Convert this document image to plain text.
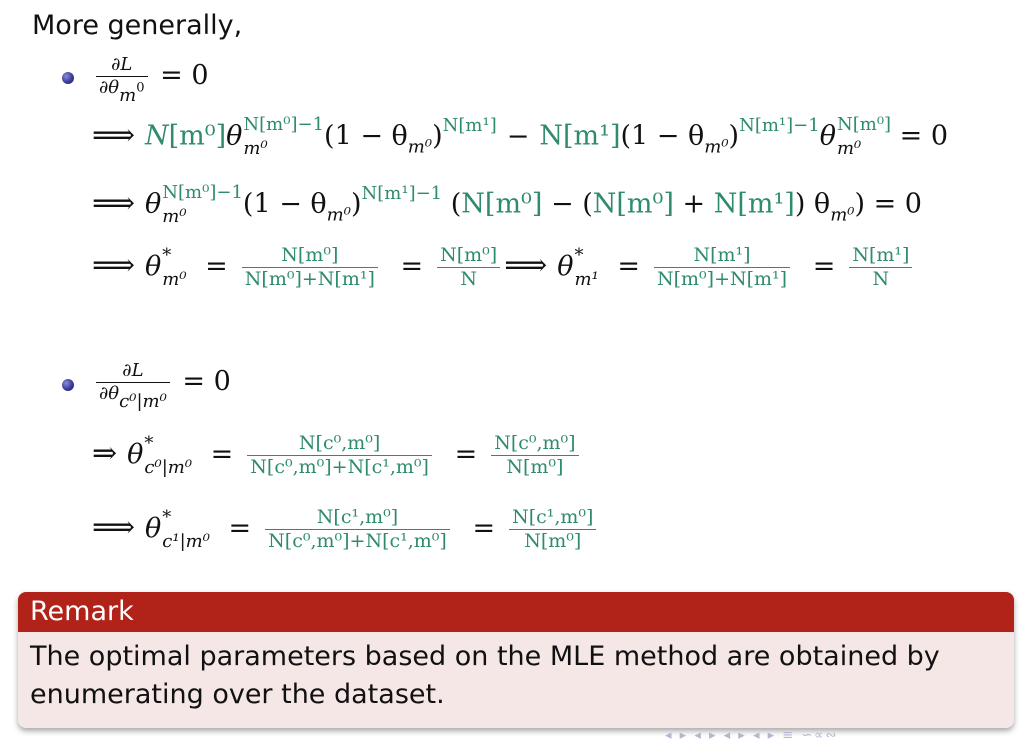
More generally,
$\frac{\partial L}{\partial\theta_{m^0}} = 0$
⟹ N[m⁰]θ N[m⁰]−1
m⁰	$(1 - \theta_{m^0})^{N[m^1]} - N[m^1](1 - \theta_{m^0})^{N[m^1]-1}\theta$ N[m⁰]
m⁰	= 0
⟹ θ N[m⁰]−1
m⁰	$(1 - \theta_{m^0})^{N[m^1]-1}$ (N[m⁰] − (N[m⁰] + N[m¹]) $\theta_{m^0}) = 0$
⟹ θ *
$m^0 = \frac{\text{N[m⁰]}}{\text{N[m⁰]+N[m¹]}} = \frac{\text{N[m⁰]}}{N}$ ⟹ θ *
$m^1 = \frac{\text{N[m¹]}}{\text{N[m⁰]+N[m¹]}} = \frac{\text{N[m¹]}}{N}$
$\frac{\partial L}{\partial\theta_{c^0|m^0}} = 0$
⇒ θ *
$c^0|m^0 = \frac{\text{N[c⁰,m⁰]}}{\text{N[c⁰,m⁰]+N[c¹,m⁰]}} = \frac{\text{N[c⁰,m⁰]}}{\text{N[m⁰]}}$
⟹ θ *
$c^1|m^0 = \frac{\text{N[c¹,m⁰]}}{\text{N[c⁰,m⁰]+N[c¹,m⁰]}} = \frac{\text{N[c¹,m⁰]}}{\text{N[m⁰]}}$
Remark
The optimal parameters based on the MLE method are obtained by
enumerating over the dataset.
◂ ▸ ◂ ▸ ◂ ▸ ◂ ▸ ≡ ∽∝∾
